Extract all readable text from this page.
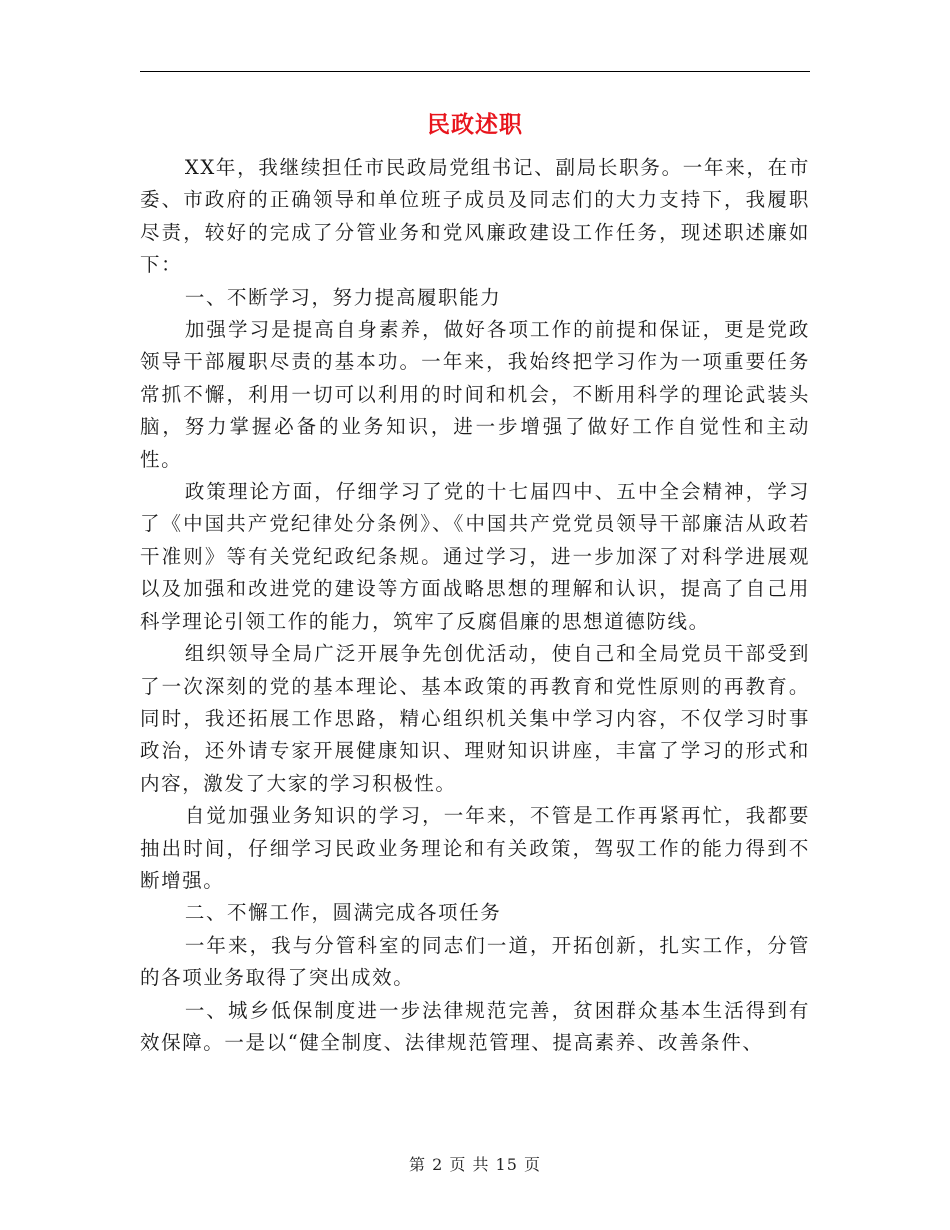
民政述职

XX年，我继续担任市民政局党组书记、副局长职务。一年来，在市委、市政府的正确领导和单位班子成员及同志们的大力支持下，我履职尽责，较好的完成了分管业务和党风廉政建设工作任务，现述职述廉如下：

一、不断学习，努力提高履职能力

加强学习是提高自身素养，做好各项工作的前提和保证，更是党政领导干部履职尽责的基本功。一年来，我始终把学习作为一项重要任务常抓不懈，利用一切可以利用的时间和机会，不断用科学的理论武装头脑，努力掌握必备的业务知识，进一步增强了做好工作自觉性和主动性。

政策理论方面，仔细学习了党的十七届四中、五中全会精神，学习了《中国共产党纪律处分条例》、《中国共产党党员领导干部廉洁从政若干准则》等有关党纪政纪条规。通过学习，进一步加深了对科学进展观以及加强和改进党的建设等方面战略思想的理解和认识，提高了自己用科学理论引领工作的能力，筑牢了反腐倡廉的思想道德防线。

组织领导全局广泛开展争先创优活动，使自己和全局党员干部受到了一次深刻的党的基本理论、基本政策的再教育和党性原则的再教育。同时，我还拓展工作思路，精心组织机关集中学习内容，不仅学习时事政治，还外请专家开展健康知识、理财知识讲座，丰富了学习的形式和内容，激发了大家的学习积极性。

自觉加强业务知识的学习，一年来，不管是工作再紧再忙，我都要抽出时间，仔细学习民政业务理论和有关政策，驾驭工作的能力得到不断增强。

二、不懈工作，圆满完成各项任务

一年来，我与分管科室的同志们一道，开拓创新，扎实工作，分管的各项业务取得了突出成效。

一、城乡低保制度进一步法律规范完善，贫困群众基本生活得到有效保障。一是以“健全制度、法律规范管理、提高素养、改善条件、

第 2 页 共 15 页
